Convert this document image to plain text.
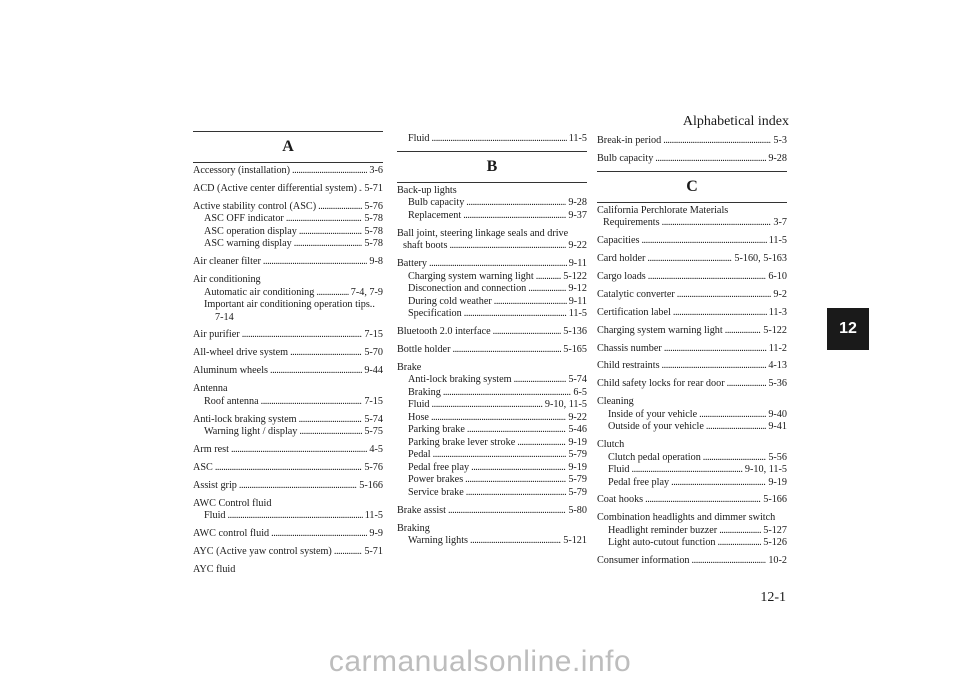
Alphabetical index
12
12-1
A
Accessory (installation) . . .	3-6
ACD (Active center differential system) . . . 5-71
Active stability control (ASC) . . .	5-76
ASC OFF indicator . . .	5-78
ASC operation display . . .	5-78
ASC warning display . . .	5-78
Air cleaner filter . . .	9-8
Air conditioning
Automatic air conditioning . . .	7-4, 7-9
Important air conditioning operation tips..
7-14
Air purifier . . .	7-15
All-wheel drive system . . .	5-70
Aluminum wheels . . .	9-44
Antenna
Roof antenna . . .	7-15
Anti-lock braking system . . .	5-74
Warning light / display . . .	5-75
Arm rest . . .	4-5
ASC . . .	5-76
Assist grip . . .	5-166
AWC Control fluid
Fluid . . .	11-5
AWC control fluid . . .	9-9
AYC (Active yaw control system) . . .	5-71
AYC fluid
Fluid . . .	11-5
B
Back-up lights
Bulb capacity . . .	9-28
Replacement . . .	9-37
Ball joint, steering linkage seals and drive
shaft boots . . .	9-22
Battery . . .	9-11
Charging system warning light . . .	5-122
Disconection and connection . . .	9-12
During cold weather . . .	9-11
Specification . . .	11-5
Bluetooth 2.0 interface . . .	5-136
Bottle holder . . .	5-165
Brake
Anti-lock braking system . . .	5-74
Braking . . .	6-5
Fluid . . .	9-10, 11-5
Hose . . .	9-22
Parking brake . . .	5-46
Parking brake lever stroke . . .	9-19
Pedal . . .	5-79
Pedal free play . . .	9-19
Power brakes . . .	5-79
Service brake . . .	5-79
Brake assist . . .	5-80
Braking
Warning lights . . .	5-121
Break-in period . . .	5-3
Bulb capacity . . .	9-28
C
California Perchlorate Materials
Requirements . . .	3-7
Capacities . . .	11-5
Card holder . . .	5-160, 5-163
Cargo loads . . .	6-10
Catalytic converter . . .	9-2
Certification label . . .	11-3
Charging system warning light . . .	5-122
Chassis number . . .	11-2
Child restraints . . .	4-13
Child safety locks for rear door . . .	5-36
Cleaning
Inside of your vehicle . . .	9-40
Outside of your vehicle . . .	9-41
Clutch
Clutch pedal operation . . .	5-56
Fluid . . .	9-10, 11-5
Pedal free play . . .	9-19
Coat hooks . . .	5-166
Combination headlights and dimmer switch
Headlight reminder buzzer . . .	5-127
Light auto-cutout function . . .	5-126
Consumer information . . .	10-2
carmanualsonline.info
